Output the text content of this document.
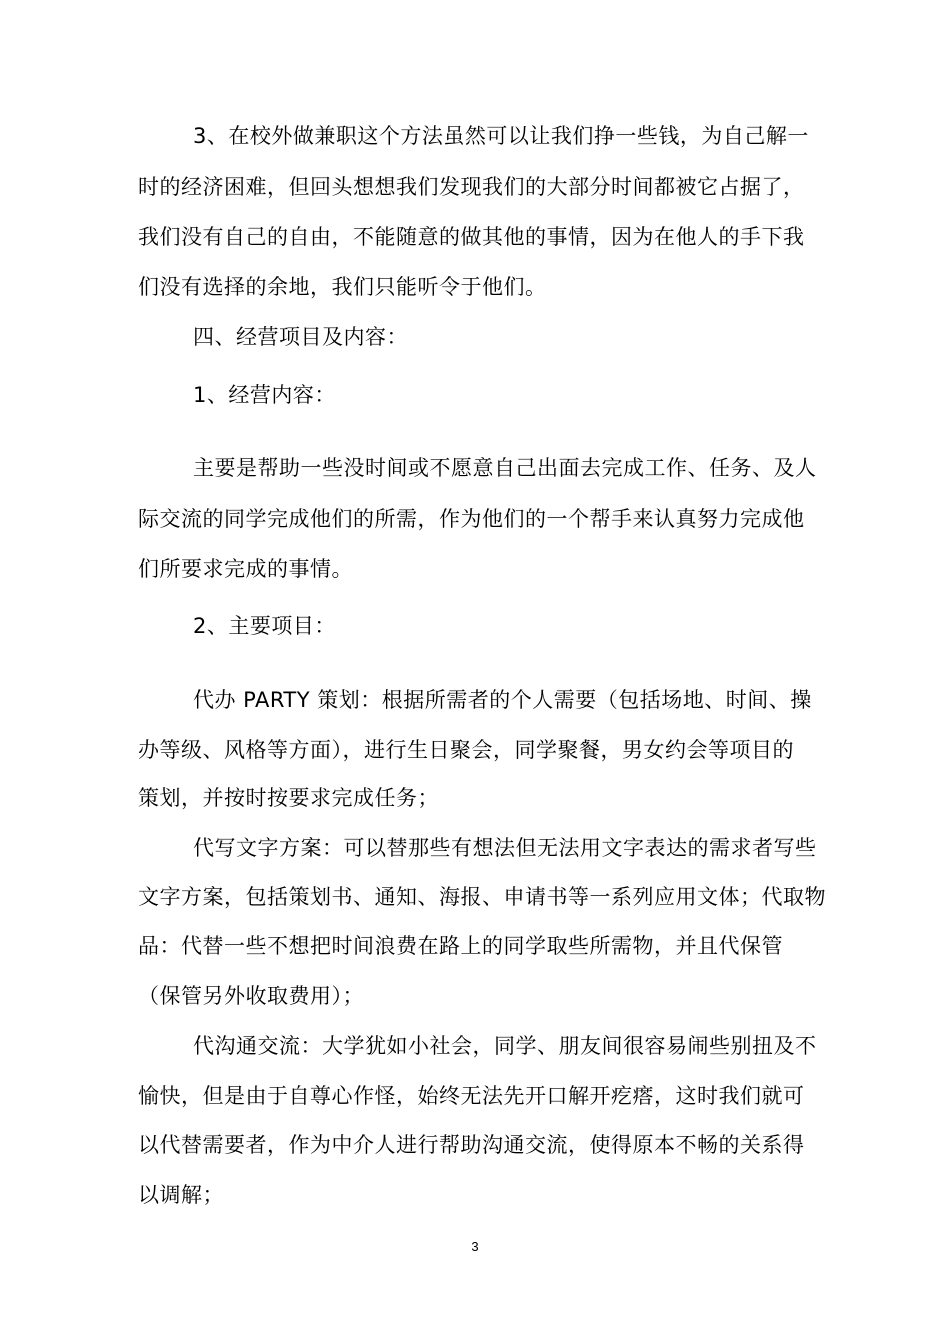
3、在校外做兼职这个方法虽然可以让我们挣一些钱，为自己解一
时的经济困难，但回头想想我们发现我们的大部分时间都被它占据了，
我们没有自己的自由，不能随意的做其他的事情，因为在他人的手下我
们没有选择的余地，我们只能听令于他们。
四、经营项目及内容：
1、经营内容：
主要是帮助一些没时间或不愿意自己出面去完成工作、任务、及人
际交流的同学完成他们的所需，作为他们的一个帮手来认真努力完成他
们所要求完成的事情。
2、主要项目：
代办 PARTY 策划：根据所需者的个人需要（包括场地、时间、操
办等级、风格等方面），进行生日聚会，同学聚餐，男女约会等项目的
策划，并按时按要求完成任务；
代写文字方案：可以替那些有想法但无法用文字表达的需求者写些
文字方案，包括策划书、通知、海报、申请书等一系列应用文体；代取物
品：代替一些不想把时间浪费在路上的同学取些所需物，并且代保管
（保管另外收取费用）；
代沟通交流：大学犹如小社会，同学、朋友间很容易闹些别扭及不
愉快，但是由于自尊心作怪，始终无法先开口解开疙瘩，这时我们就可
以代替需要者，作为中介人进行帮助沟通交流，使得原本不畅的关系得
以调解；
3
